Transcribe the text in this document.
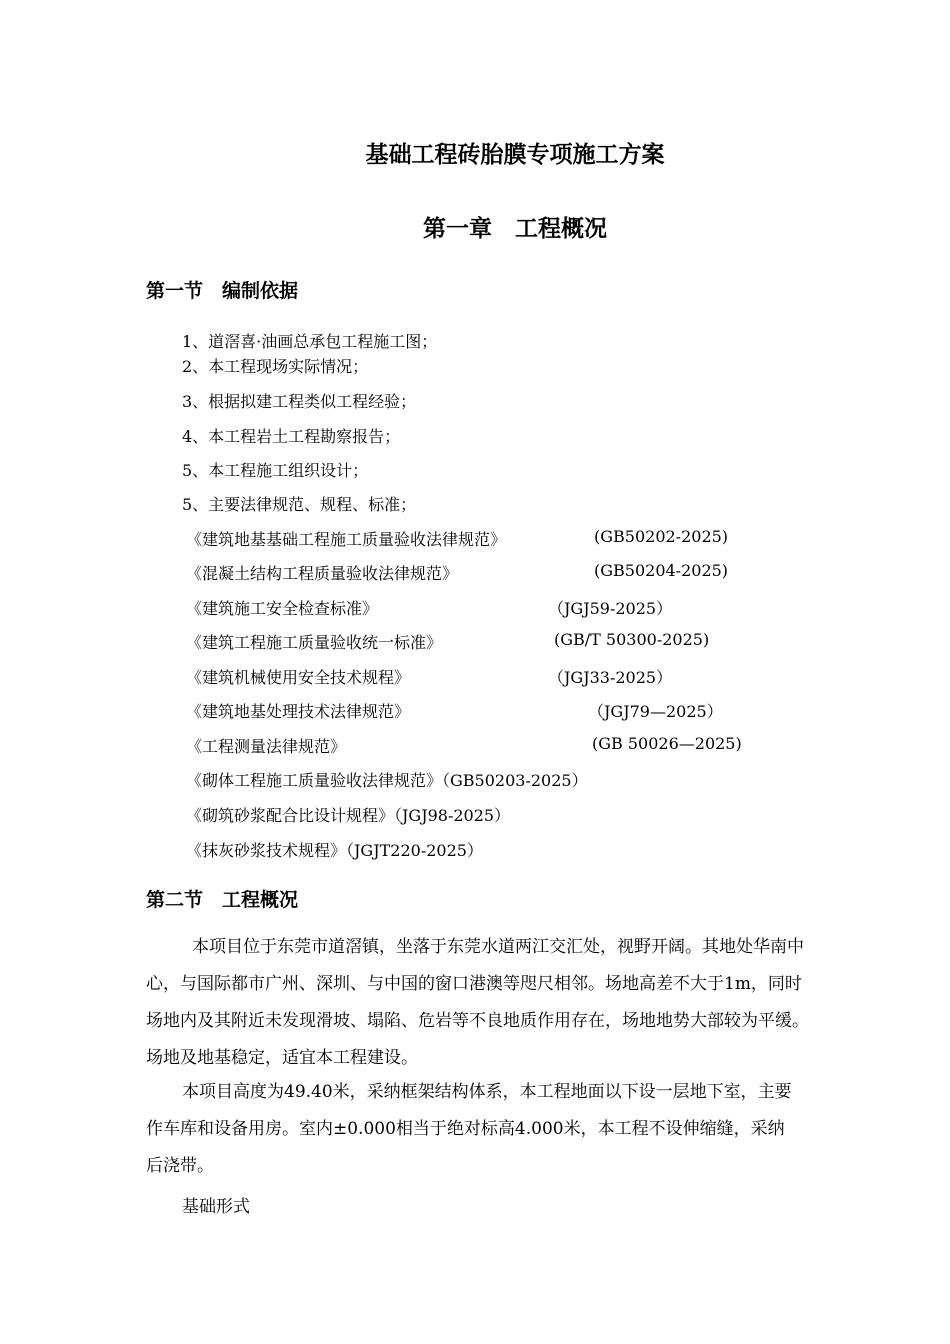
基础工程砖胎膜专项施工方案
第一章　工程概况
第一节　编制依据
1、道滘喜·油画总承包工程施工图；
2、本工程现场实际情况；
3、根据拟建工程类似工程经验；
4、本工程岩土工程勘察报告；
5、本工程施工组织设计；
5、主要法律规范、规程、标准；
《建筑地基基础工程施工质量验收法律规范》	(GB50202-2025)
《混凝土结构工程质量验收法律规范》	(GB50204-2025)
《建筑施工安全检查标准》	（JGJ59-2025）
《建筑工程施工质量验收统一标准》	(GB/T 50300-2025)
《建筑机械使用安全技术规程》	（JGJ33-2025）
《建筑地基处理技术法律规范》	（JGJ79—2025）
《工程测量法律规范》	(GB 50026—2025)
《砌体工程施工质量验收法律规范》（GB50203-2025）
《砌筑砂浆配合比设计规程》（JGJ98-2025）
《抹灰砂浆技术规程》（JGJT220-2025）
第二节　工程概况

本项目位于东莞市道滘镇，坐落于东莞水道两江交汇处，视野开阔。其地处华南中

心，与国际都市广州、深圳、与中国的窗口港澳等咫尺相邻。场地高差不大于1m，同时

场地内及其附近未发现滑坡、塌陷、危岩等不良地质作用存在，场地地势大部较为平缓。

场地及地基稳定，适宜本工程建设。

本项目高度为49.40米，采纳框架结构体系，本工程地面以下设一层地下室，主要

作车库和设备用房。室内±0.000相当于绝对标高4.000米，本工程不设伸缩缝，采纳

后浇带。

基础形式
